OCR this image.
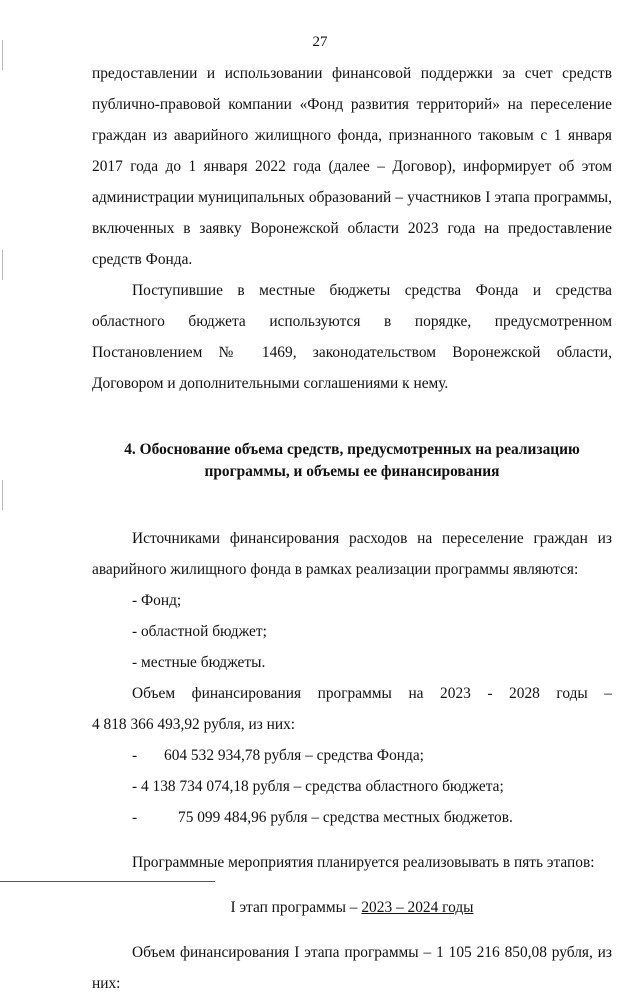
27

предоставлении и использовании финансовой поддержки за счет средств публично-правовой компании «Фонд развития территорий» на переселение граждан из аварийного жилищного фонда, признанного таковым с 1 января 2017 года до 1 января 2022 года (далее – Договор), информирует об этом администрации муниципальных образований – участников I этапа программы, включенных в заявку Воронежской области 2023 года на предоставление средств Фонда.

Поступившие в местные бюджеты средства Фонда и средства областного бюджета используются в порядке, предусмотренном Постановлением № 1469, законодательством Воронежской области, Договором и дополнительными соглашениями к нему.

4. Обоснование объема средств, предусмотренных на реализацию
программы, и объемы ее финансирования

Источниками финансирования расходов на переселение граждан из аварийного жилищного фонда в рамках реализации программы являются:

- Фонд;

- областной бюджет;

- местные бюджеты.

Объем финансирования программы на 2023 - 2028 годы –

4 818 366 493,92 рубля, из них:

- 604 532 934,78 рубля – средства Фонда;
- 4 138 734 074,18 рубля – средства областного бюджета;
-	75 099 484,96 рубля – средства местных бюджетов.

Программные мероприятия планируется реализовывать в пять этапов:

I этап программы – 2023 – 2024 годы

Объем финансирования I этапа программы – 1 105 216 850,08 рубля, из них:
